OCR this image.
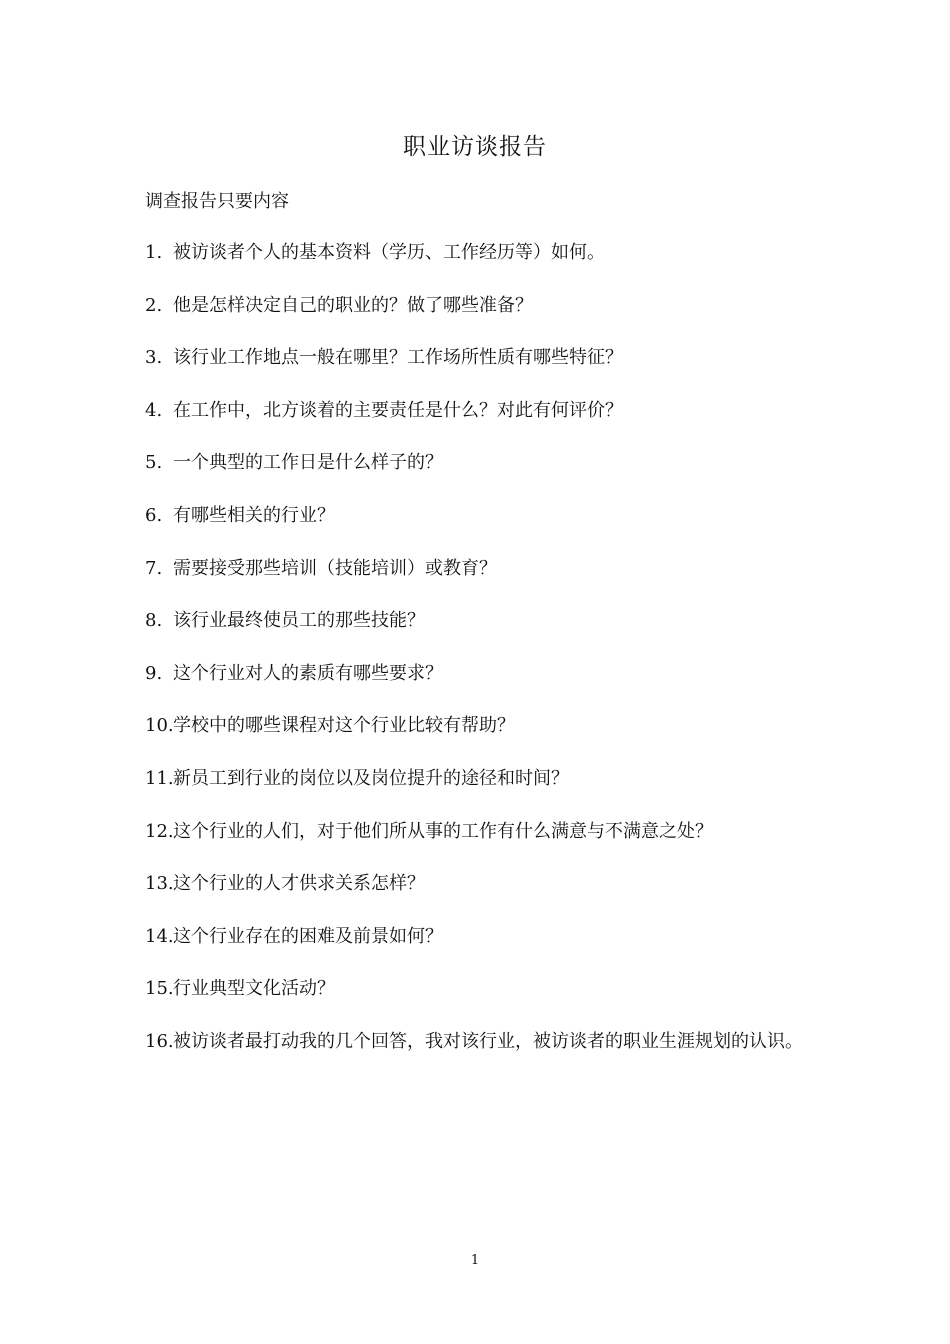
职业访谈报告
调查报告只要内容
1. 被访谈者个人的基本资料（学历、工作经历等）如何。
2. 他是怎样决定自己的职业的？做了哪些准备？
3. 该行业工作地点一般在哪里？工作场所性质有哪些特征？
4. 在工作中，北方谈着的主要责任是什么？对此有何评价？
5. 一个典型的工作日是什么样子的？
6. 有哪些相关的行业？
7. 需要接受那些培训（技能培训）或教育？
8. 该行业最终使员工的那些技能？
9. 这个行业对人的素质有哪些要求？
10. 学校中的哪些课程对这个行业比较有帮助？
11. 新员工到行业的岗位以及岗位提升的途径和时间？
12. 这个行业的人们，对于他们所从事的工作有什么满意与不满意之处？
13. 这个行业的人才供求关系怎样？
14. 这个行业存在的困难及前景如何？
15. 行业典型文化活动？
16. 被访谈者最打动我的几个回答，我对该行业，被访谈者的职业生涯规划的认识。
1
